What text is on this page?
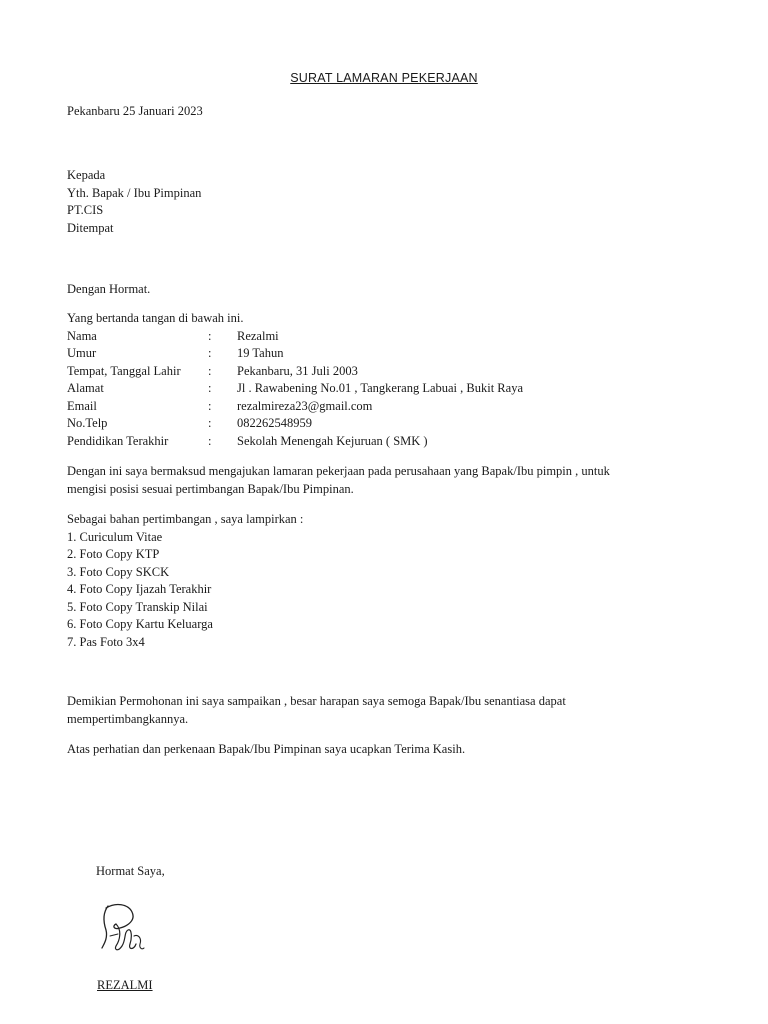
SURAT LAMARAN PEKERJAAN
Pekanbaru 25 Januari 2023
Kepada
Yth. Bapak / Ibu Pimpinan
PT.CIS
Ditempat
Dengan Hormat.
Yang bertanda tangan di bawah ini.
Nama	: Rezalmi
Umur	: 19 Tahun
Tempat, Tanggal Lahir : Pekanbaru, 31 Juli 2003
Alamat	: Jl . Rawabening No.01 , Tangkerang Labuai , Bukit Raya
Email	: rezalmireza23@gmail.com
No.Telp	: 082262548959
Pendidikan Terakhir	: Sekolah Menengah Kejuruan ( SMK )
Dengan ini saya bermaksud mengajukan lamaran pekerjaan pada perusahaan yang Bapak/Ibu pimpin , untuk
mengisi posisi sesuai pertimbangan Bapak/Ibu Pimpinan.
Sebagai bahan pertimbangan , saya lampirkan :
1. Curiculum Vitae
2. Foto Copy KTP
3. Foto Copy SKCK
4. Foto Copy Ijazah Terakhir
5. Foto Copy Transkip Nilai
6. Foto Copy Kartu Keluarga
7. Pas Foto 3x4
Demikian Permohonan ini saya sampaikan , besar harapan saya semoga Bapak/Ibu senantiasa dapat
mempertimbangkannya.
Atas perhatian dan perkenaan Bapak/Ibu Pimpinan saya ucapkan Terima Kasih.
Hormat Saya,
REZALMI
